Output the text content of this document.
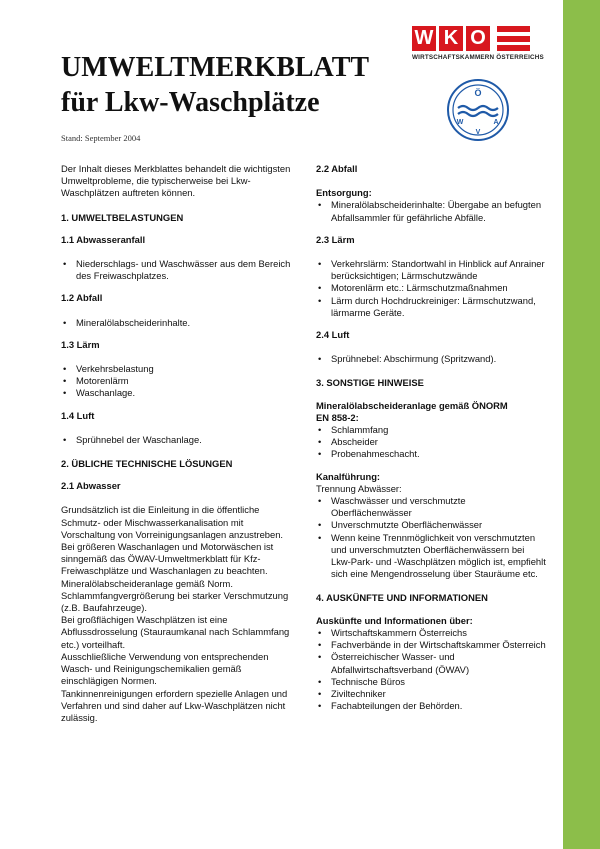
W K O
WIRTSCHAFTSKAMMERN ÖSTERREICHS
Ö
W	A
V
UMWELTMERKBLATT
für Lkw-Waschplätze
Stand: September 2004

Der Inhalt dieses Merkblattes behandelt die wichtigsten Umweltprobleme, die typischerweise bei Lkw-Waschplätzen auftreten können.

1. UMWELTBELASTUNGEN

1.1 Abwasseranfall

• Niederschlags- und Waschwässer aus dem Bereich des Freiwaschplatzes.

1.2 Abfall

• Mineralölabscheiderinhalte.

1.3 Lärm

• Verkehrsbelastung
• Motorenlärm
• Waschanlage.

1.4 Luft

• Sprühnebel der Waschanlage.

2. ÜBLICHE TECHNISCHE LÖSUNGEN

2.1 Abwasser

Grundsätzlich ist die Einleitung in die öffentliche Schmutz- oder Mischwasserkanalisation mit Vorschaltung von Vorreinigungsanlagen anzustreben.

Bei größeren Waschanlagen und Motorwäschen ist sinngemäß das ÖWAV-Umweltmerkblatt für Kfz-Freiwaschplätze und Waschanlagen zu beachten.

Mineralölabscheideranlage gemäß Norm.

Schlammfangvergrößerung bei starker Verschmutzung (z.B. Baufahrzeuge).

Bei großflächigen Waschplätzen ist eine Abflussdrosselung (Stauraumkanal nach Schlammfang etc.) vorteilhaft.

Ausschließliche Verwendung von entsprechenden Wasch- und Reinigungschemikalien gemäß einschlägigen Normen.

Tankinnenreinigungen erfordern spezielle Anlagen und Verfahren und sind daher auf Lkw-Waschplätzen nicht zulässig.

2.2 Abfall

Entsorgung:

• Mineralölabscheiderinhalte: Übergabe an befugten Abfallsammler für gefährliche Abfälle.

2.3 Lärm

• Verkehrslärm: Standortwahl in Hinblick auf Anrainer berücksichtigen; Lärmschutzwände
• Motorenlärm etc.: Lärmschutzmaßnahmen
• Lärm durch Hochdruckreiniger: Lärmschutzwand, lärmarme Geräte.

2.4 Luft

• Sprühnebel: Abschirmung (Spritzwand).

3. SONSTIGE HINWEISE

Mineralölabscheideranlage gemäß ÖNORM

EN 858-2:

• Schlammfang
• Abscheider
• Probenahmeschacht.

Kanalführung:

Trennung Abwässer:

• Waschwässer und verschmutzte Oberflächenwässer
• Unverschmutzte Oberflächenwässer
• Wenn keine Trennmöglichkeit von verschmutzten und unverschmutzten Oberflächenwässern bei Lkw-Park- und -Waschplätzen möglich ist, empfiehlt sich eine Mengendrosselung über Stauräume etc.

4. AUSKÜNFTE UND INFORMATIONEN

Auskünfte und Informationen über:

• Wirtschaftskammern Österreichs
• Fachverbände in der Wirtschaftskammer Österreich
• Österreichischer Wasser- und Abfallwirtschaftsverband (ÖWAV)
• Technische Büros
• Ziviltechniker
• Fachabteilungen der Behörden.
